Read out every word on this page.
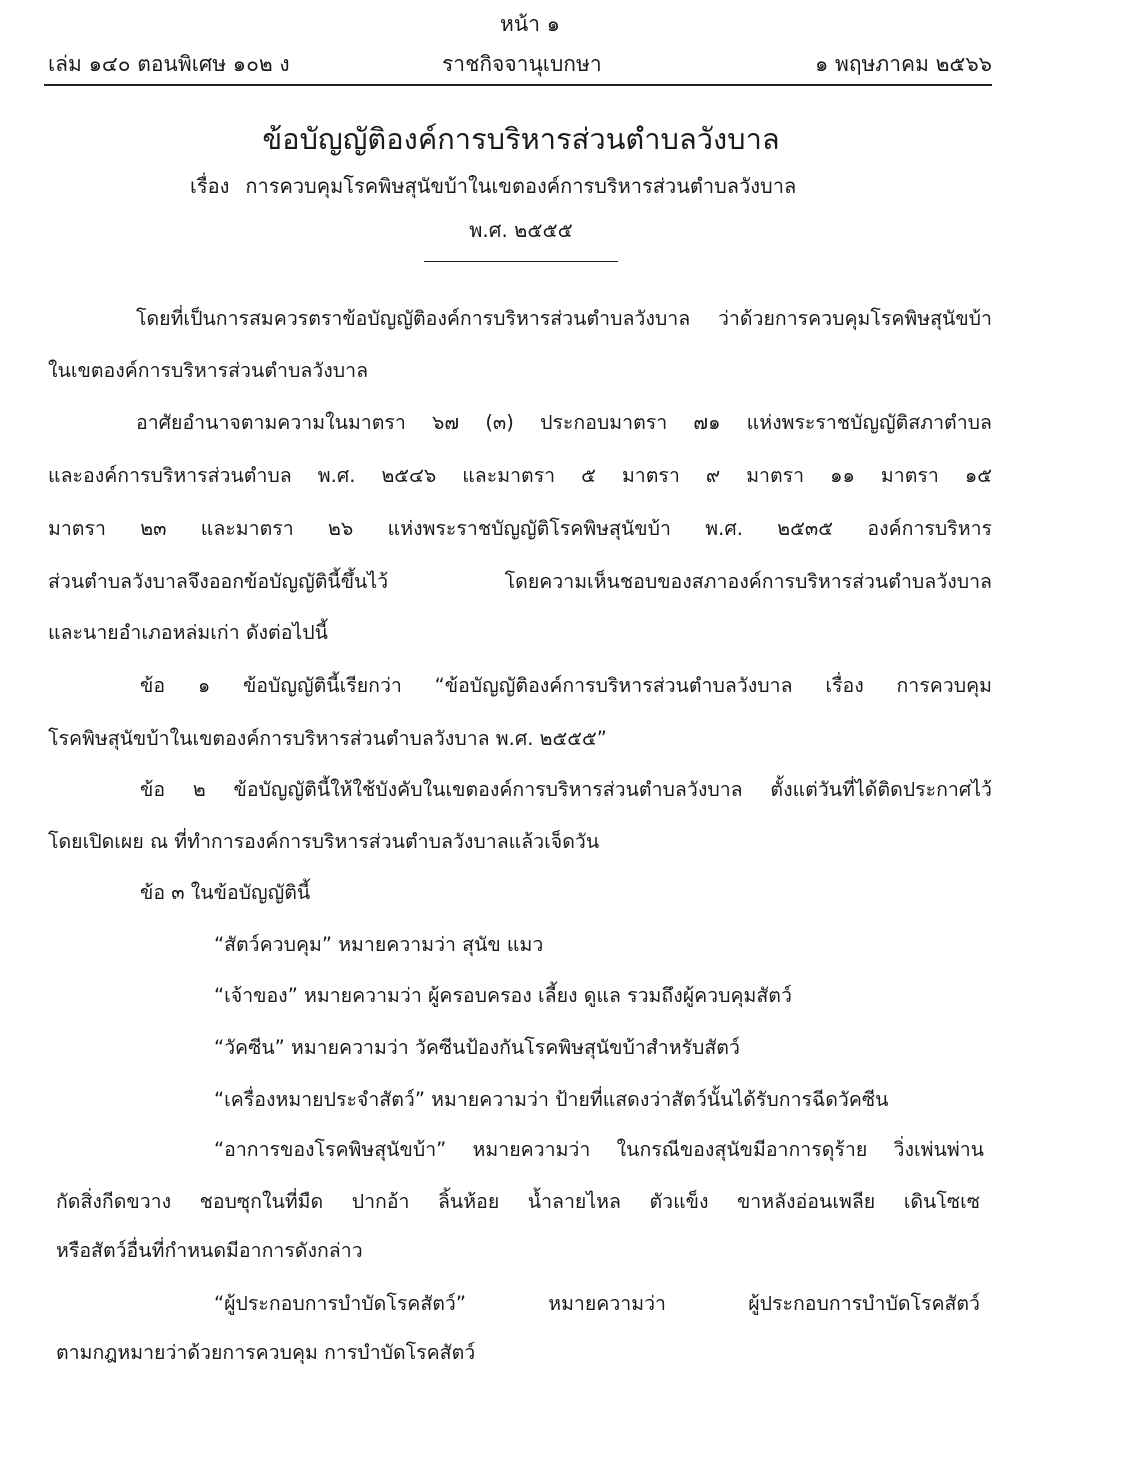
หน้า ๑
เล่ม ๑๔๐ ตอนพิเศษ ๑๐๒ ง	ราชกิจจานุเบกษา	๑ พฤษภาคม ๒๕๖๖
ข้อบัญญัติองค์การบริหารส่วนตำบลวังบาล
เรื่อง การควบคุมโรคพิษสุนัขบ้าในเขตองค์การบริหารส่วนตำบลวังบาล
พ.ศ. ๒๕๕๕
โดยที่เป็นการสมควรตราข้อบัญญัติองค์การบริหารส่วนตำบลวังบาล ว่าด้วยการควบคุมโรคพิษสุนัขบ้า
ในเขตองค์การบริหารส่วนตำบลวังบาล
อาศัยอำนาจตามความในมาตรา ๖๗ (๓) ประกอบมาตรา ๗๑ แห่งพระราชบัญญัติสภาตำบล
และองค์การบริหารส่วนตำบล พ.ศ. ๒๕๔๖ และมาตรา ๕ มาตรา ๙ มาตรา ๑๑ มาตรา ๑๕
มาตรา ๒๓ และมาตรา ๒๖ แห่งพระราชบัญญัติโรคพิษสุนัขบ้า พ.ศ. ๒๕๓๕ องค์การบริหาร
ส่วนตำบลวังบาลจึงออกข้อบัญญัตินี้ขึ้นไว้ โดยความเห็นชอบของสภาองค์การบริหารส่วนตำบลวังบาล
และนายอำเภอหล่มเก่า ดังต่อไปนี้
ข้อ ๑ ข้อบัญญัตินี้เรียกว่า “ข้อบัญญัติองค์การบริหารส่วนตำบลวังบาล เรื่อง การควบคุม
โรคพิษสุนัขบ้าในเขตองค์การบริหารส่วนตำบลวังบาล พ.ศ. ๒๕๕๕”
ข้อ ๒ ข้อบัญญัตินี้ให้ใช้บังคับในเขตองค์การบริหารส่วนตำบลวังบาล ตั้งแต่วันที่ได้ติดประกาศไว้
โดยเปิดเผย ณ ที่ทำการองค์การบริหารส่วนตำบลวังบาลแล้วเจ็ดวัน
ข้อ ๓ ในข้อบัญญัตินี้
“สัตว์ควบคุม” หมายความว่า สุนัข แมว
“เจ้าของ” หมายความว่า ผู้ครอบครอง เลี้ยง ดูแล รวมถึงผู้ควบคุมสัตว์
“วัคซีน” หมายความว่า วัคซีนป้องกันโรคพิษสุนัขบ้าสำหรับสัตว์
“เครื่องหมายประจำสัตว์” หมายความว่า ป้ายที่แสดงว่าสัตว์นั้นได้รับการฉีดวัคซีน
“อาการของโรคพิษสุนัขบ้า” หมายความว่า ในกรณีของสุนัขมีอาการดุร้าย วิ่งเพ่นพ่าน
กัดสิ่งกีดขวาง ชอบซุกในที่มืด ปากอ้า ลิ้นห้อย น้ำลายไหล ตัวแข็ง ขาหลังอ่อนเพลีย เดินโซเซ
หรือสัตว์อื่นที่กำหนดมีอาการดังกล่าว
“ผู้ประกอบการบำบัดโรคสัตว์” หมายความว่า ผู้ประกอบการบำบัดโรคสัตว์
ตามกฎหมายว่าด้วยการควบคุม การบำบัดโรคสัตว์
